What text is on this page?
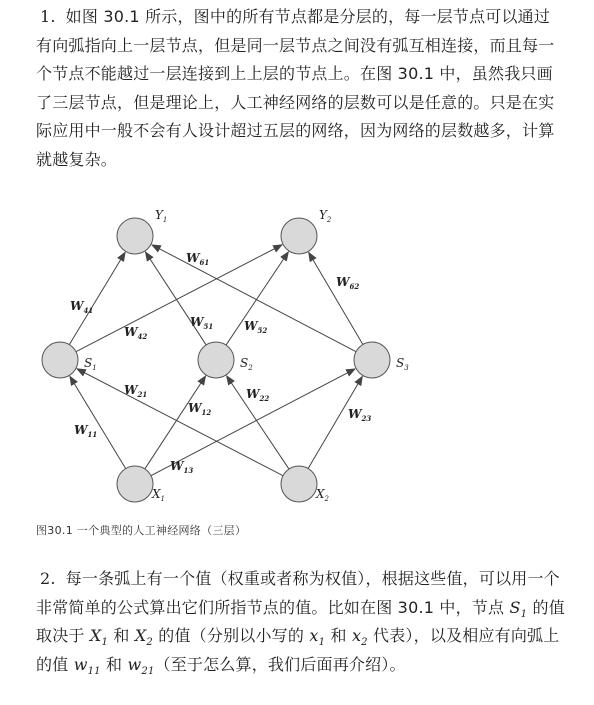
1. 如图 30.1 所示，图中的所有节点都是分层的，每一层节点可以通过有向弧指向上一层节点，但是同一层节点之间没有弧互相连接，而且每一个节点不能越过一层连接到上上层的节点上。在图 30.1 中，虽然我只画了三层节点，但是理论上，人工神经网络的层数可以是任意的。只是在实际应用中一般不会有人设计超过五层的网络，因为网络的层数越多，计算就越复杂。
$W_{11}$
$W_{12}$
$W_{13}$
$W_{21}$	$W_{22}$
$W_{23}$
$W_{41}$
$W_{42}$
$W_{51}$	$W_{52}$
$W_{61}$
$W_{62}$
$Y_1$	$Y_2$
$S_1$	$S_2$	$S_3$
$X_1$	$X_2$
图30.1 一个典型的人工神经网络（三层）
2. 每一条弧上有一个值（权重或者称为权值），根据这些值，可以用一个非常简单的公式算出它们所指节点的值。比如在图 30.1 中，节点 $S_1$ 的值取决于 $X_1$ 和 $X_2$ 的值（分别以小写的 $x_1$ 和 $x_2$ 代表），以及相应有向弧上的值 $w_{11}$ 和 $w_{21}$（至于怎么算，我们后面再介绍）。
